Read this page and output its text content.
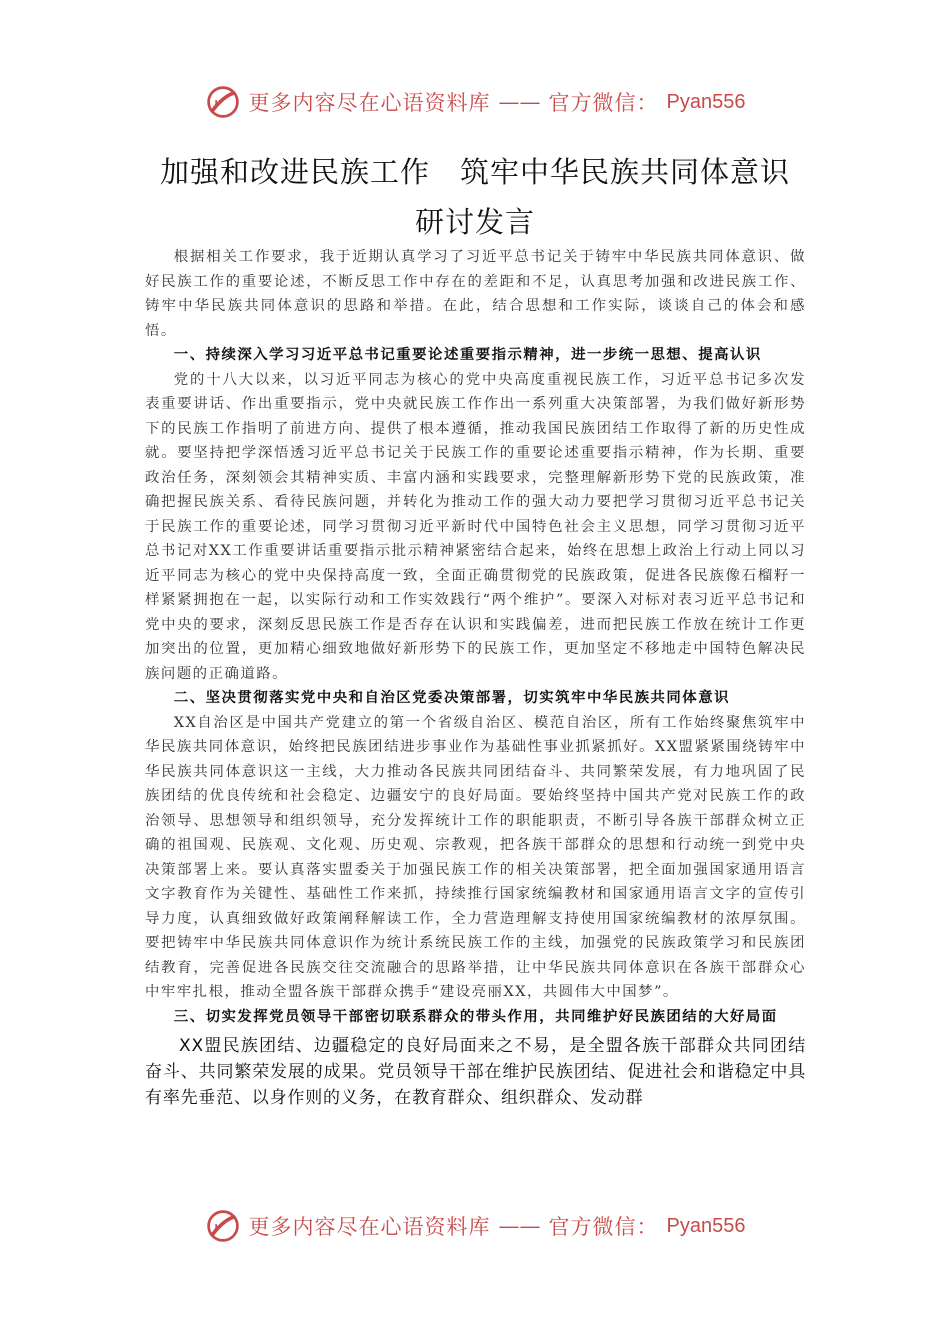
更多内容尽在心语资料库 —— 官方微信： Pyan556
加强和改进民族工作　筑牢中华民族共同体意识
研讨发言

根据相关工作要求，我于近期认真学习了习近平总书记关于铸牢中华民族共同体意识、做好民族工作的重要论述，不断反思工作中存在的差距和不足，认真思考加强和改进民族工作、铸牢中华民族共同体意识的思路和举措。在此，结合思想和工作实际，谈谈自己的体会和感悟。

一、持续深入学习习近平总书记重要论述重要指示精神，进一步统一思想、提高认识

党的十八大以来，以习近平同志为核心的党中央高度重视民族工作，习近平总书记多次发表重要讲话、作出重要指示，党中央就民族工作作出一系列重大决策部署，为我们做好新形势下的民族工作指明了前进方向、提供了根本遵循，推动我国民族团结工作取得了新的历史性成就。要坚持把学深悟透习近平总书记关于民族工作的重要论述重要指示精神，作为长期、重要政治任务，深刻领会其精神实质、丰富内涵和实践要求，完整理解新形势下党的民族政策，准确把握民族关系、看待民族问题，并转化为推动工作的强大动力要把学习贯彻习近平总书记关于民族工作的重要论述，同学习贯彻习近平新时代中国特色社会主义思想，同学习贯彻习近平总书记对XX工作重要讲话重要指示批示精神紧密结合起来，始终在思想上政治上行动上同以习近平同志为核心的党中央保持高度一致，全面正确贯彻党的民族政策，促进各民族像石榴籽一样紧紧拥抱在一起，以实际行动和工作实效践行“两个维护”。要深入对标对表习近平总书记和党中央的要求，深刻反思民族工作是否存在认识和实践偏差，进而把民族工作放在统计工作更加突出的位置，更加精心细致地做好新形势下的民族工作，更加坚定不移地走中国特色解决民族问题的正确道路。

二、坚决贯彻落实党中央和自治区党委决策部署，切实筑牢中华民族共同体意识

XX自治区是中国共产党建立的第一个省级自治区、模范自治区，所有工作始终聚焦筑牢中华民族共同体意识，始终把民族团结进步事业作为基础性事业抓紧抓好。XX盟紧紧围绕铸牢中华民族共同体意识这一主线，大力推动各民族共同团结奋斗、共同繁荣发展，有力地巩固了民族团结的优良传统和社会稳定、边疆安宁的良好局面。要始终坚持中国共产党对民族工作的政治领导、思想领导和组织领导，充分发挥统计工作的职能职责，不断引导各族干部群众树立正确的祖国观、民族观、文化观、历史观、宗教观，把各族干部群众的思想和行动统一到党中央决策部署上来。要认真落实盟委关于加强民族工作的相关决策部署，把全面加强国家通用语言文字教育作为关键性、基础性工作来抓，持续推行国家统编教材和国家通用语言文字的宣传引导力度，认真细致做好政策阐释解读工作，全力营造理解支持使用国家统编教材的浓厚氛围。要把铸牢中华民族共同体意识作为统计系统民族工作的主线，加强党的民族政策学习和民族团结教育，完善促进各民族交往交流融合的思路举措，让中华民族共同体意识在各族干部群众心中牢牢扎根，推动全盟各族干部群众携手“建设亮丽XX，共圆伟大中国梦”。

三、切实发挥党员领导干部密切联系群众的带头作用，共同维护好民族团结的大好局面

XX盟民族团结、边疆稳定的良好局面来之不易，是全盟各族干部群众共同团结奋斗、共同繁荣发展的成果。党员领导干部在维护民族团结、促进社会和谐稳定中具有率先垂范、以身作则的义务，在教育群众、组织群众、发动群

更多内容尽在心语资料库 —— 官方微信： Pyan556
